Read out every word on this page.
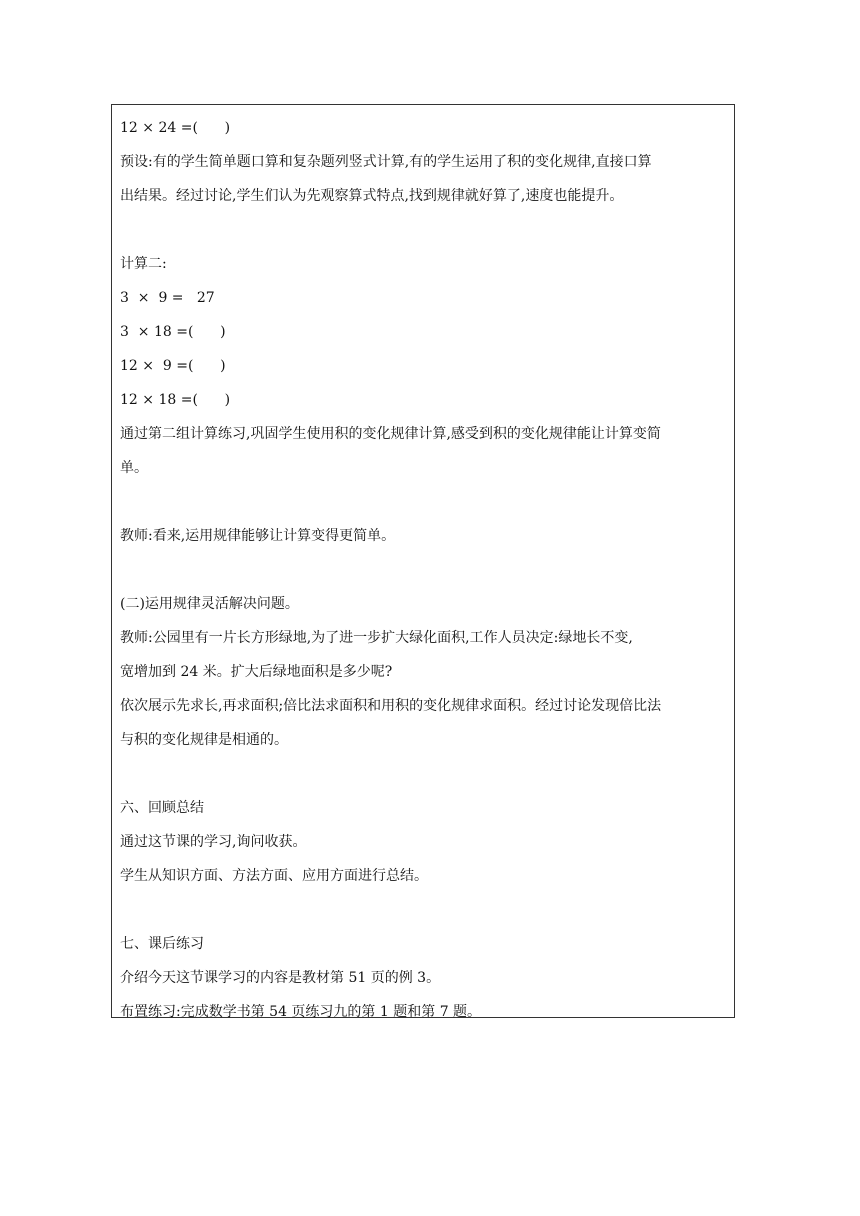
12 × 24 =(      )
预设:有的学生简单题口算和复杂题列竖式计算,有的学生运用了积的变化规律,直接口算
出结果。经过讨论,学生们认为先观察算式特点,找到规律就好算了,速度也能提升。
计算二:
3  ×  9 =   27
3  × 18 =(      )
12 ×  9 =(      )
12 × 18 =(      )
通过第二组计算练习,巩固学生使用积的变化规律计算,感受到积的变化规律能让计算变简
单。
教师:看来,运用规律能够让计算变得更简单。
(二)运用规律灵活解决问题。
教师:公园里有一片长方形绿地,为了进一步扩大绿化面积,工作人员决定:绿地长不变,
宽增加到 24 米。扩大后绿地面积是多少呢?
依次展示先求长,再求面积;倍比法求面积和用积的变化规律求面积。经过讨论发现倍比法
与积的变化规律是相通的。
六、回顾总结
通过这节课的学习,询问收获。
学生从知识方面、方法方面、应用方面进行总结。
七、课后练习
介绍今天这节课学习的内容是教材第 51 页的例 3。
布置练习:完成数学书第 54 页练习九的第 1 题和第 7 题。
